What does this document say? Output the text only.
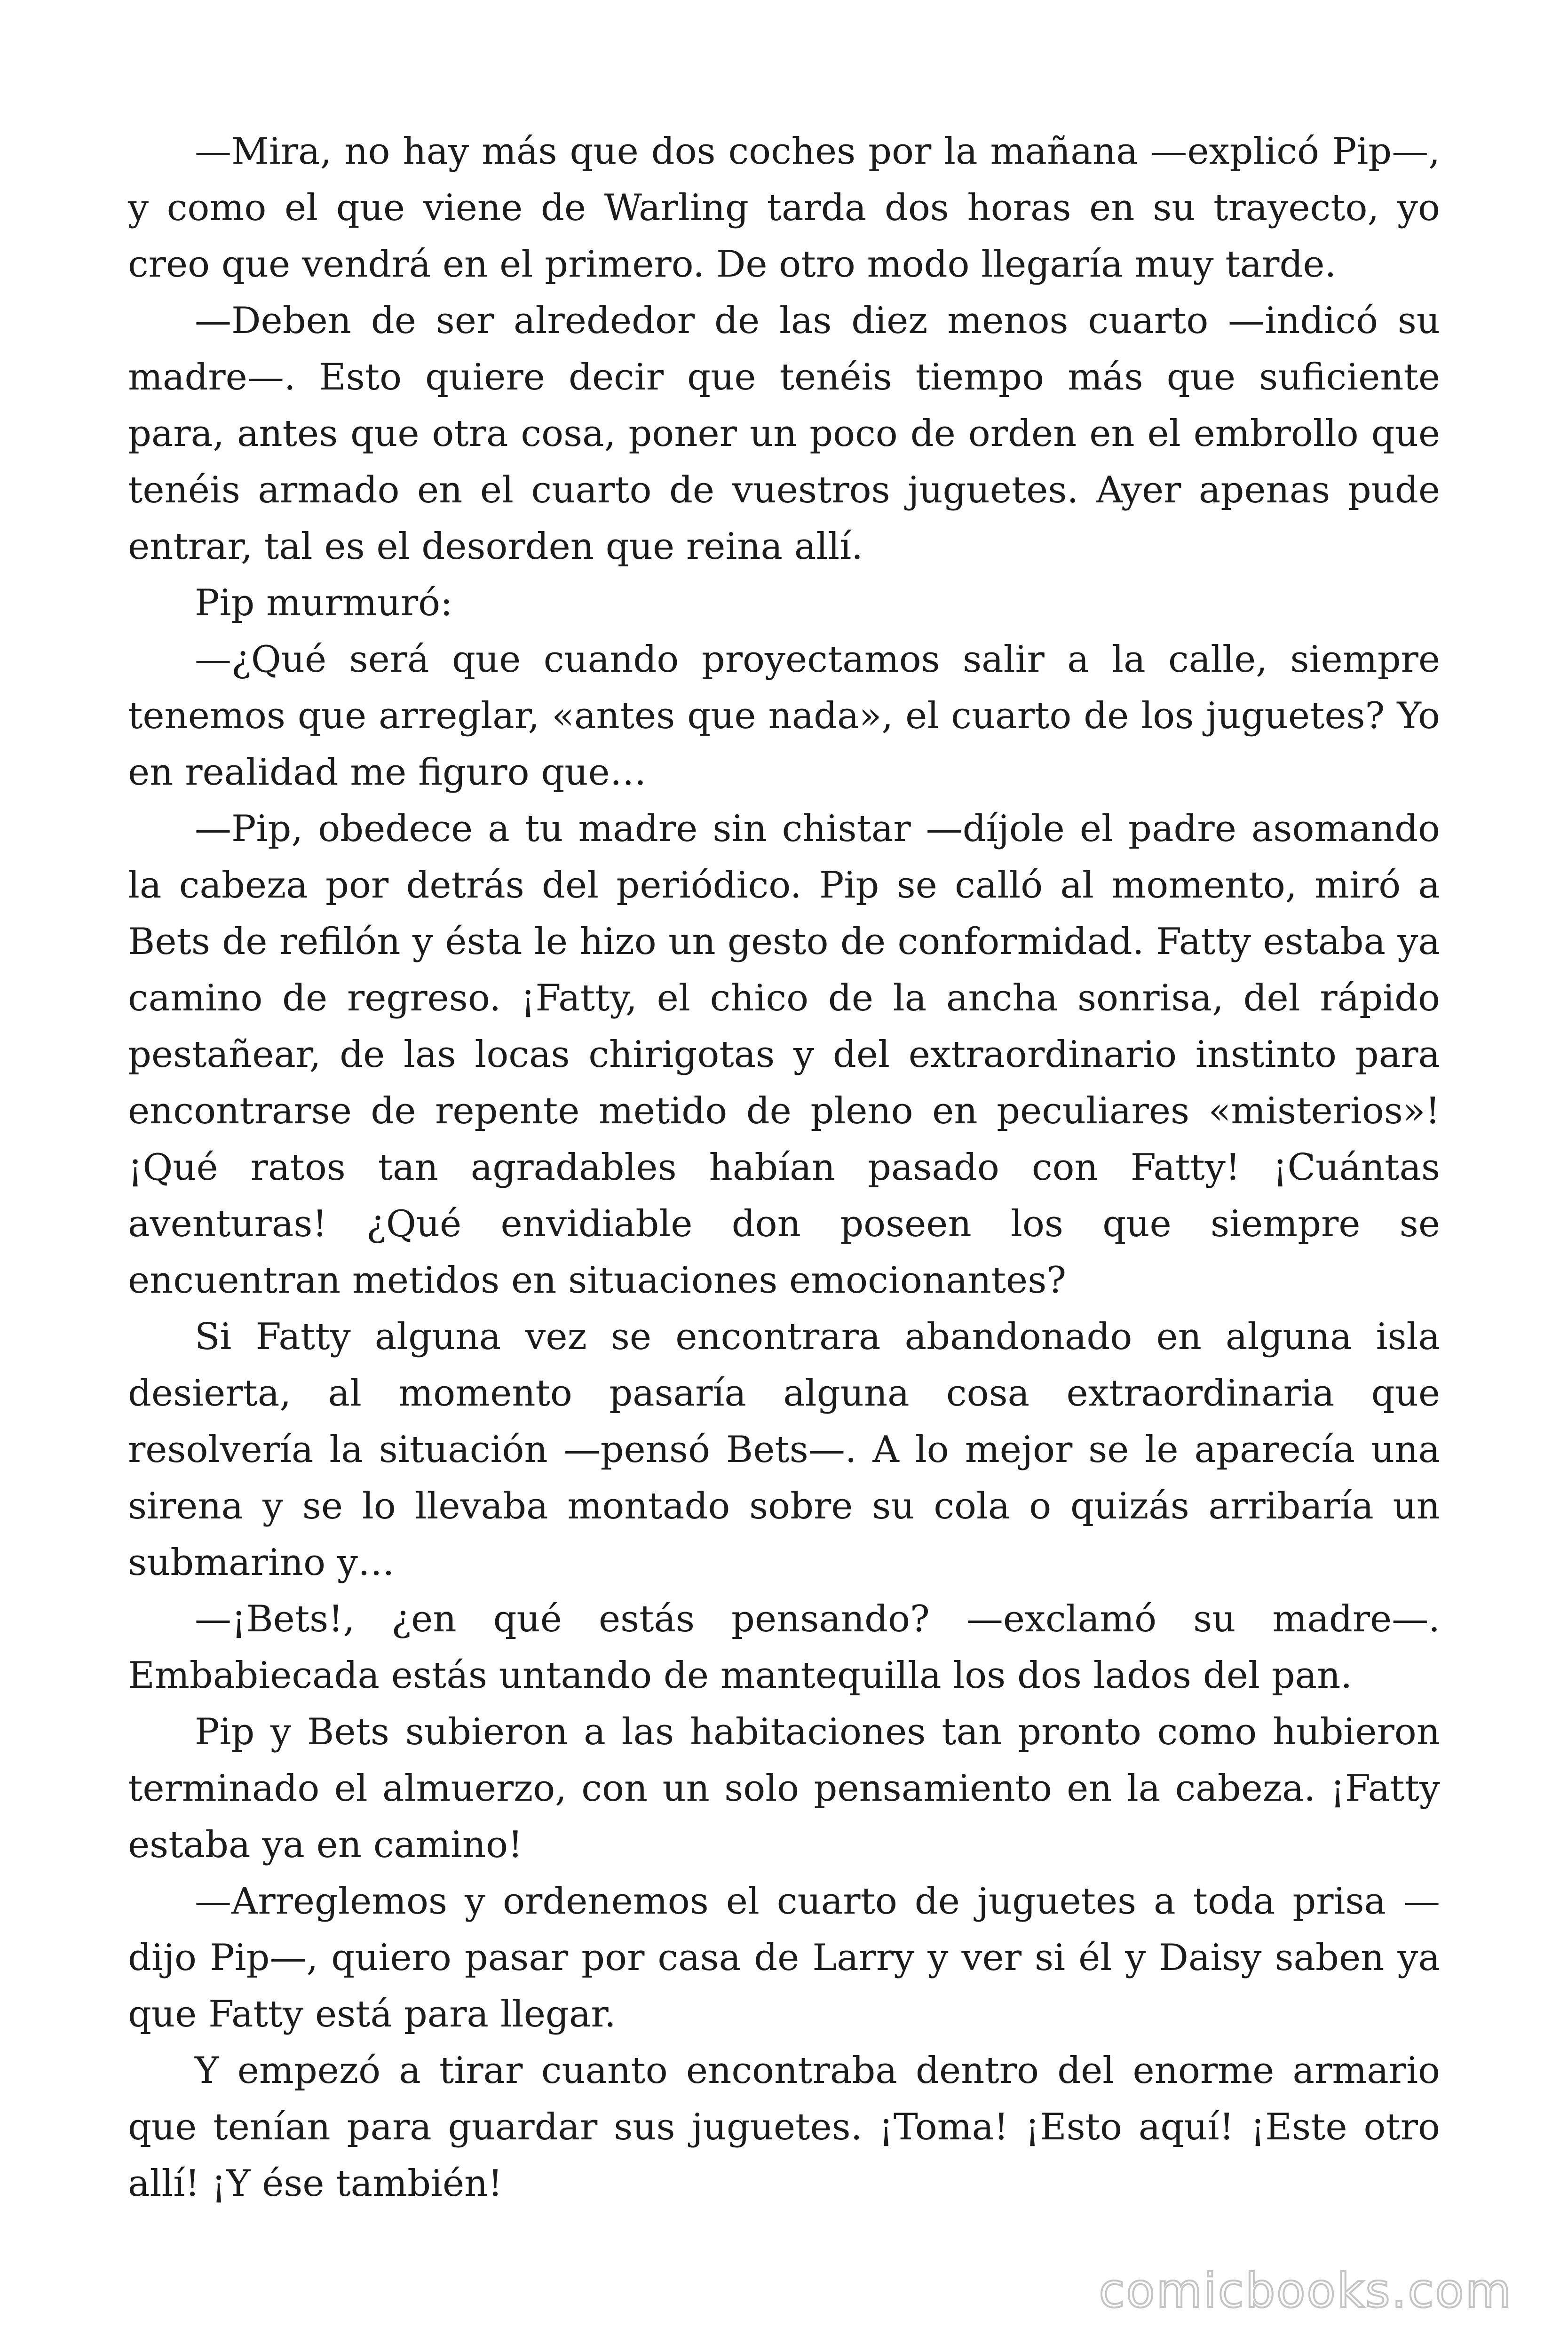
—Mira, no hay más que dos coches por la mañana —explicó Pip—, y como el que viene de Warling tarda dos horas en su trayecto, yo creo que vendrá en el primero. De otro modo llegaría muy tarde.

—Deben de ser alrededor de las diez menos cuarto —indicó su madre—. Esto quiere decir que tenéis tiempo más que suficiente para, antes que otra cosa, poner un poco de orden en el embrollo que tenéis armado en el cuarto de vuestros juguetes. Ayer apenas pude entrar, tal es el desorden que reina allí.

Pip murmuró:

—¿Qué será que cuando proyectamos salir a la calle, siempre tenemos que arreglar, «antes que nada», el cuarto de los juguetes? Yo en realidad me figuro que…

—Pip, obedece a tu madre sin chistar —díjole el padre asomando la cabeza por detrás del periódico. Pip se calló al momento, miró a Bets de refilón y ésta le hizo un gesto de conformidad. Fatty estaba ya camino de regreso. ¡Fatty, el chico de la ancha sonrisa, del rápido pestañear, de las locas chirigotas y del extraordinario instinto para encontrarse de repente metido de pleno en peculiares «misterios»! ¡Qué ratos tan agradables habían pasado con Fatty! ¡Cuántas aventuras! ¿Qué envidiable don poseen los que siempre se encuentran metidos en situaciones emocionantes?

Si Fatty alguna vez se encontrara abandonado en alguna isla desierta, al momento pasaría alguna cosa extraordinaria que resolvería la situación —pensó Bets—. A lo mejor se le aparecía una sirena y se lo llevaba montado sobre su cola o quizás arribaría un submarino y…

—¡Bets!, ¿en qué estás pensando? —exclamó su madre—. Embabiecada estás untando de mantequilla los dos lados del pan.

Pip y Bets subieron a las habitaciones tan pronto como hubieron terminado el almuerzo, con un solo pensamiento en la cabeza. ¡Fatty estaba ya en camino!

—Arreglemos y ordenemos el cuarto de juguetes a toda prisa —dijo Pip—, quiero pasar por casa de Larry y ver si él y Daisy saben ya que Fatty está para llegar.

Y empezó a tirar cuanto encontraba dentro del enorme armario que tenían para guardar sus juguetes. ¡Toma! ¡Esto aquí! ¡Este otro allí! ¡Y ése también!

comicbooks.com
